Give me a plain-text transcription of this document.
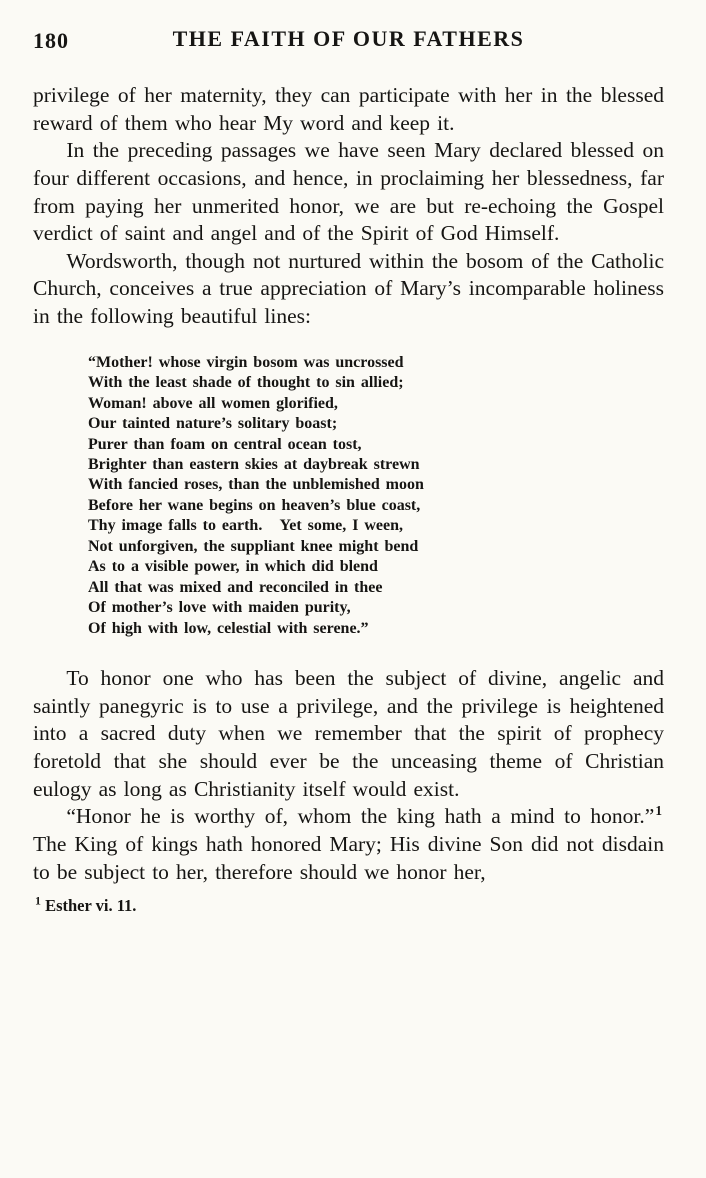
180	THE FAITH OF OUR FATHERS

privilege of her maternity, they can participate with her in the blessed reward of them who hear My word and keep it.

In the preceding passages we have seen Mary declared blessed on four different occasions, and hence, in proclaiming her blessedness, far from paying her unmerited honor, we are but re-echoing the Gospel verdict of saint and angel and of the Spirit of God Himself.

Wordsworth, though not nurtured within the bosom of the Catholic Church, conceives a true appreciation of Mary’s incomparable holiness in the following beautiful lines:

“Mother! whose virgin bosom was uncrossed
With the least shade of thought to sin allied;
Woman! above all women glorified,
Our tainted nature’s solitary boast;
Purer than foam on central ocean tost,
Brighter than eastern skies at daybreak strewn
With fancied roses, than the unblemished moon
Before her wane begins on heaven’s blue coast,
Thy image falls to earth.   Yet some, I ween,
Not unforgiven, the suppliant knee might bend
As to a visible power, in which did blend
All that was mixed and reconciled in thee
Of mother’s love with maiden purity,
Of high with low, celestial with serene.”

To honor one who has been the subject of divine, angelic and saintly panegyric is to use a privilege, and the privilege is heightened into a sacred duty when we remember that the spirit of prophecy foretold that she should ever be the unceasing theme of Christian eulogy as long as Christianity itself would exist.

“Honor he is worthy of, whom the king hath a mind to honor.”$^1$ The King of kings hath honored Mary; His divine Son did not disdain to be subject to her, therefore should we honor her,

$^1$ Esther vi. 11.
